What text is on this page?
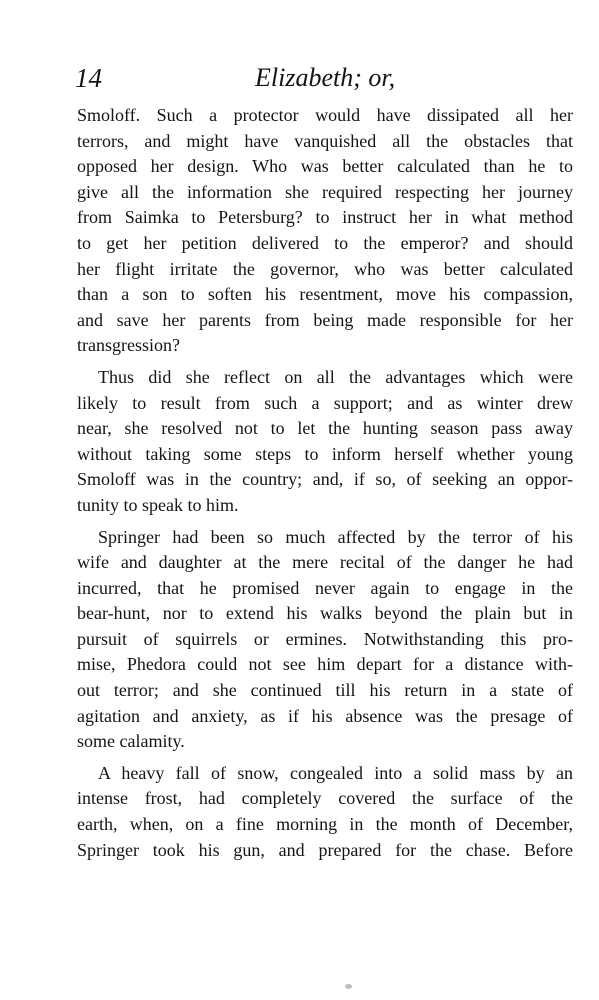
14	Elizabeth; or,
Smoloff. Such a protector would have dissipated all her
terrors, and might have vanquished all the obstacles that
opposed her design. Who was better calculated than he to
give all the information she required respecting her journey
from Saimka to Petersburg? to instruct her in what method
to get her petition delivered to the emperor? and should
her flight irritate the governor, who was better calculated
than a son to soften his resentment, move his compassion,
and save her parents from being made responsible for her
transgression?
Thus did she reflect on all the advantages which were
likely to result from such a support; and as winter drew
near, she resolved not to let the hunting season pass away
without taking some steps to inform herself whether young
Smoloff was in the country; and, if so, of seeking an oppor-
tunity to speak to him.
Springer had been so much affected by the terror of his
wife and daughter at the mere recital of the danger he had
incurred, that he promised never again to engage in the
bear-hunt, nor to extend his walks beyond the plain but in
pursuit of squirrels or ermines. Notwithstanding this pro-
mise, Phedora could not see him depart for a distance with-
out terror; and she continued till his return in a state of
agitation and anxiety, as if his absence was the presage of
some calamity.
A heavy fall of snow, congealed into a solid mass by an
intense frost, had completely covered the surface of the
earth, when, on a fine morning in the month of December,
Springer took his gun, and prepared for the chase. Before
